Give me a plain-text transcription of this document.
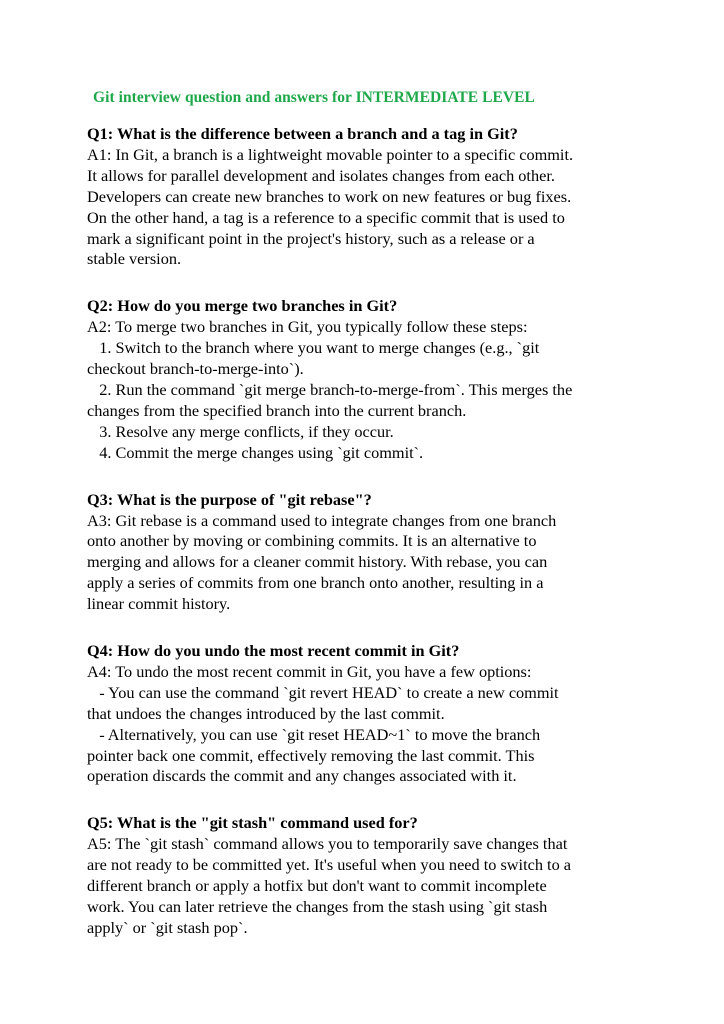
Git interview question and answers for INTERMEDIATE LEVEL
Q1: What is the difference between a branch and a tag in Git?
A1: In Git, a branch is a lightweight movable pointer to a specific commit.
It allows for parallel development and isolates changes from each other.
Developers can create new branches to work on new features or bug fixes.
On the other hand, a tag is a reference to a specific commit that is used to
mark a significant point in the project's history, such as a release or a
stable version.
Q2: How do you merge two branches in Git?
A2: To merge two branches in Git, you typically follow these steps:
1. Switch to the branch where you want to merge changes (e.g., `git
checkout branch-to-merge-into`).
2. Run the command `git merge branch-to-merge-from`. This merges the
changes from the specified branch into the current branch.
3. Resolve any merge conflicts, if they occur.
4. Commit the merge changes using `git commit`.
Q3: What is the purpose of "git rebase"?
A3: Git rebase is a command used to integrate changes from one branch
onto another by moving or combining commits. It is an alternative to
merging and allows for a cleaner commit history. With rebase, you can
apply a series of commits from one branch onto another, resulting in a
linear commit history.
Q4: How do you undo the most recent commit in Git?
A4: To undo the most recent commit in Git, you have a few options:
- You can use the command `git revert HEAD` to create a new commit
that undoes the changes introduced by the last commit.
- Alternatively, you can use `git reset HEAD~1` to move the branch
pointer back one commit, effectively removing the last commit. This
operation discards the commit and any changes associated with it.
Q5: What is the "git stash" command used for?
A5: The `git stash` command allows you to temporarily save changes that
are not ready to be committed yet. It's useful when you need to switch to a
different branch or apply a hotfix but don't want to commit incomplete
work. You can later retrieve the changes from the stash using `git stash
apply` or `git stash pop`.
